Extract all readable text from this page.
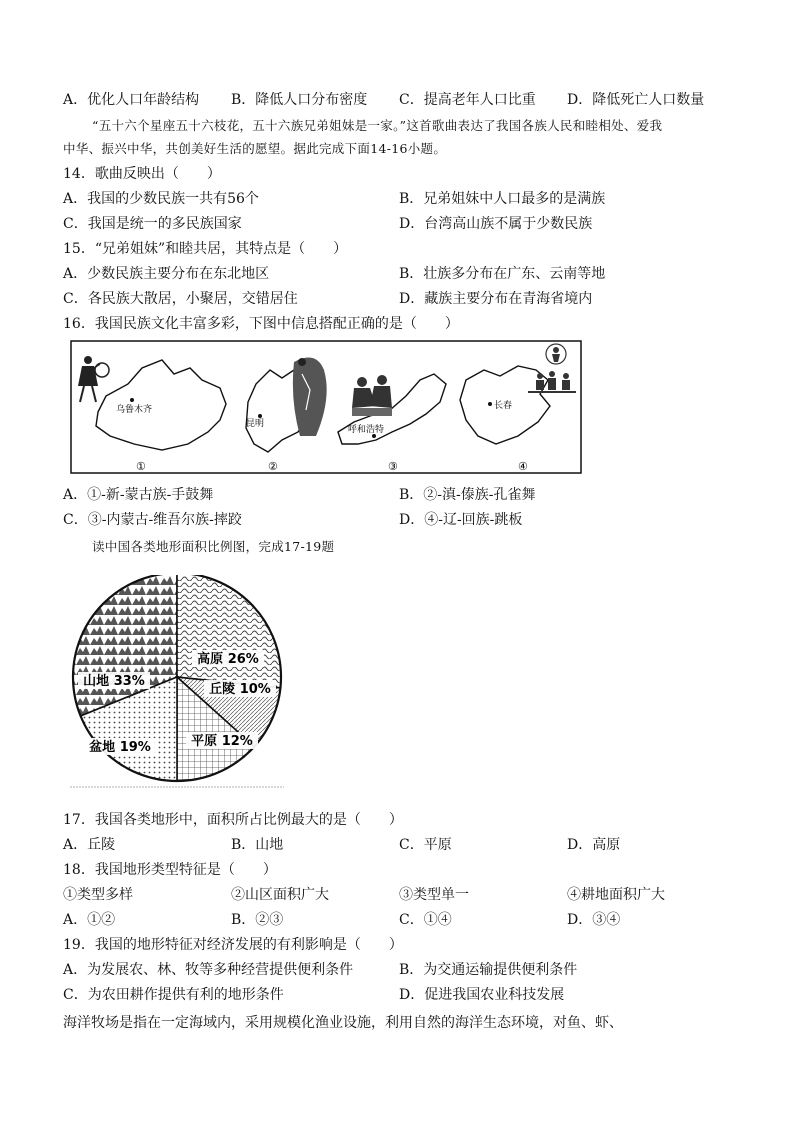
A．优化人口年龄结构 B．降低人口分布密度 C．提高老年人口比重 D．降低死亡人口数量
“五十六个星座五十六枝花，五十六族兄弟姐妹是一家。”这首歌曲表达了我国各族人民和睦相处、爱我
中华、振兴中华，共创美好生活的愿望。据此完成下面14-16小题。
14．歌曲反映出（　　）
A．我国的少数民族一共有56个	B．兄弟姐妹中人口最多的是满族
C．我国是统一的多民族国家	D．台湾高山族不属于少数民族
15．“兄弟姐妹”和睦共居，其特点是（　　）
A．少数民族主要分布在东北地区	B．壮族多分布在广东、云南等地
C．各民族大散居，小聚居，交错居住	D．藏族主要分布在青海省境内
16．我国民族文化丰富多彩，下图中信息搭配正确的是（　　）
乌鲁木齐
①
昆明
②
呼和浩特
③
长春
④
A．①-新-蒙古族-手鼓舞	B．②-滇-傣族-孔雀舞
C．③-内蒙古-维吾尔族-摔跤	D．④-辽-回族-跳板
读中国各类地形面积比例图，完成17-19题
山地 33%
高原 26%
丘陵 10%
平原 12%
盆地 19%
17．我国各类地形中，面积所占比例最大的是（　　）
A．丘陵	B．山地	C．平原	D．高原
18．我国地形类型特征是（　　）
①类型多样	②山区面积广大	③类型单一	④耕地面积广大
A．①②	B．②③	C．①④	D．③④
19．我国的地形特征对经济发展的有利影响是（　　）
A．为发展农、林、牧等多种经营提供便利条件	B．为交通运输提供便利条件
C．为农田耕作提供有利的地形条件	D．促进我国农业科技发展
海洋牧场是指在一定海域内，采用规模化渔业设施，利用自然的海洋生态环境，对鱼、虾、
